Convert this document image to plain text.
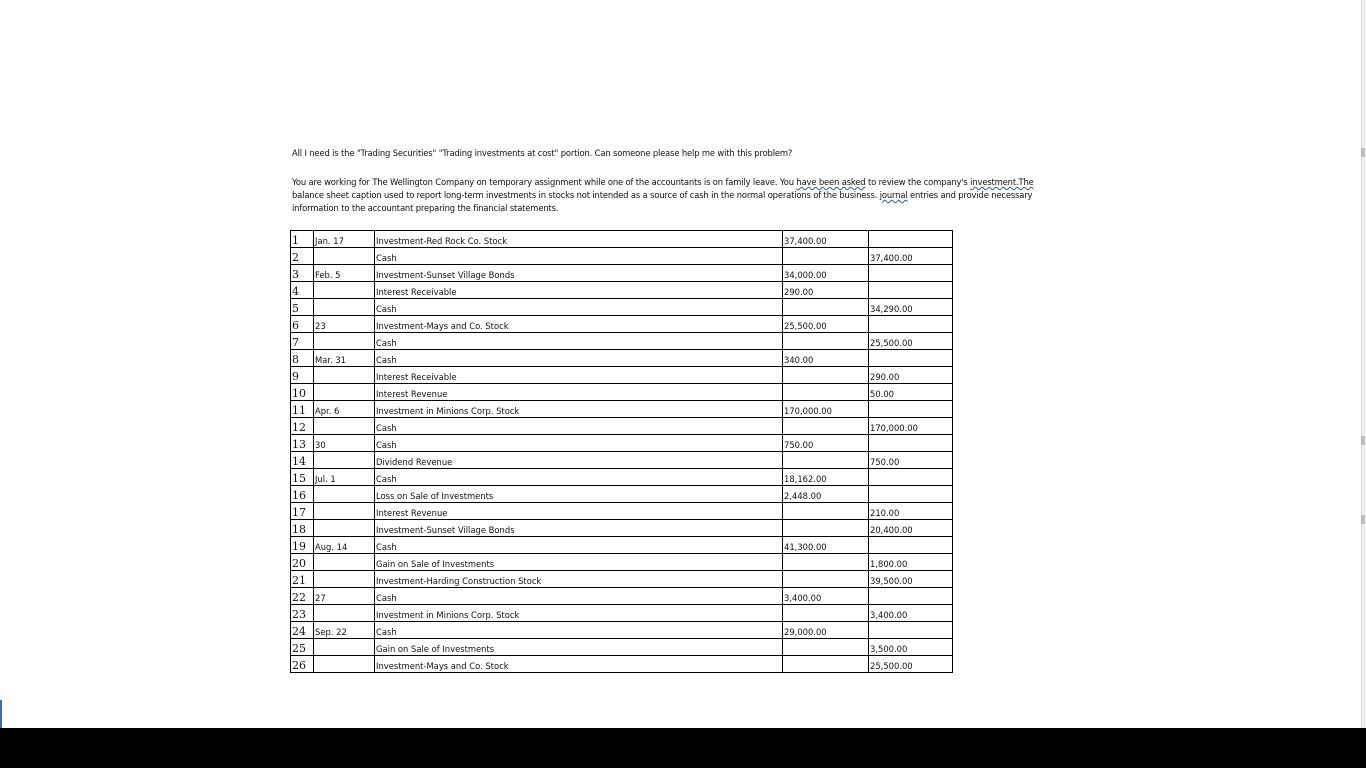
All I need is the "Trading Securities" "Trading investments at cost" portion. Can someone please help me with this problem?

You are working for The Wellington Company on temporary assignment while one of the accountants is on family leave. You have been asked to review the company's investment.The balance sheet caption used to report long-term investments in stocks not intended as a source of cash in the normal operations of the business. journal entries and provide necessary information to the accountant preparing the financial statements.

1	Jan. 17	Investment-Red Rock Co. Stock	37,400.00	
2		Cash		37,400.00
3	Feb. 5	Investment-Sunset Village Bonds	34,000.00	
4		Interest Receivable	290.00	
5		Cash		34,290.00
6	23	Investment-Mays and Co. Stock	25,500.00	
7		Cash		25,500.00
8	Mar. 31	Cash	340.00	
9		Interest Receivable		290.00
10		Interest Revenue		50.00
11	Apr. 6	Investment in Minions Corp. Stock	170,000.00	
12		Cash		170,000.00
13	30	Cash	750.00	
14		Dividend Revenue		750.00
15	Jul. 1	Cash	18,162.00	
16		Loss on Sale of Investments	2,448.00	
17		Interest Revenue		210.00
18		Investment-Sunset Village Bonds		20,400.00
19	Aug. 14	Cash	41,300.00	
20		Gain on Sale of Investments		1,800.00
21		Investment-Harding Construction Stock		39,500.00
22	27	Cash	3,400.00	
23		Investment in Minions Corp. Stock		3,400.00
24	Sep. 22	Cash	29,000.00	
25		Gain on Sale of Investments		3,500.00
26		Investment-Mays and Co. Stock		25,500.00
